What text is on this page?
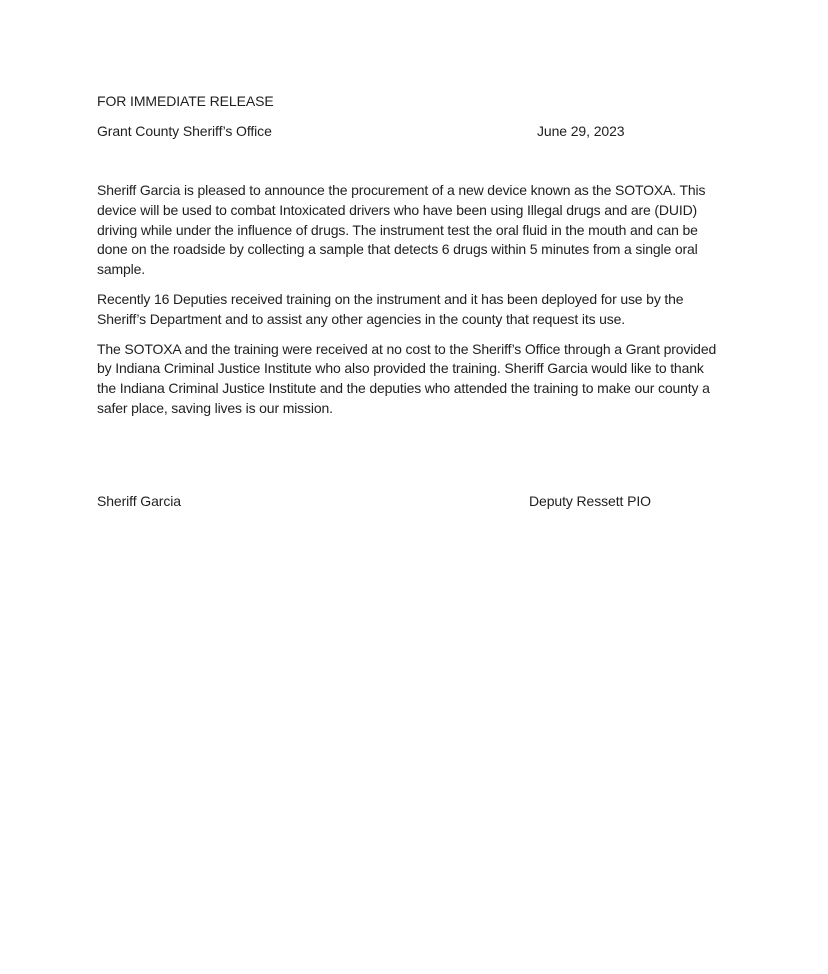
FOR IMMEDIATE RELEASE
Grant County Sheriff’s Office	June 29, 2023

Sheriff Garcia is pleased to announce the procurement of a new device known as the SOTOXA. This device will be used to combat Intoxicated drivers who have been using Illegal drugs and are (DUID) driving while under the influence of drugs. The instrument test the oral fluid in the mouth and can be done on the roadside by collecting a sample that detects 6 drugs within 5 minutes from a single oral sample.

Recently 16 Deputies received training on the instrument and it has been deployed for use by the Sheriff’s Department and to assist any other agencies in the county that request its use.

The SOTOXA and the training were received at no cost to the Sheriff’s Office through a Grant provided by Indiana Criminal Justice Institute who also provided the training. Sheriff Garcia would like to thank the Indiana Criminal Justice Institute and the deputies who attended the training to make our county a safer place, saving lives is our mission.

Sheriff Garcia	Deputy Ressett PIO
